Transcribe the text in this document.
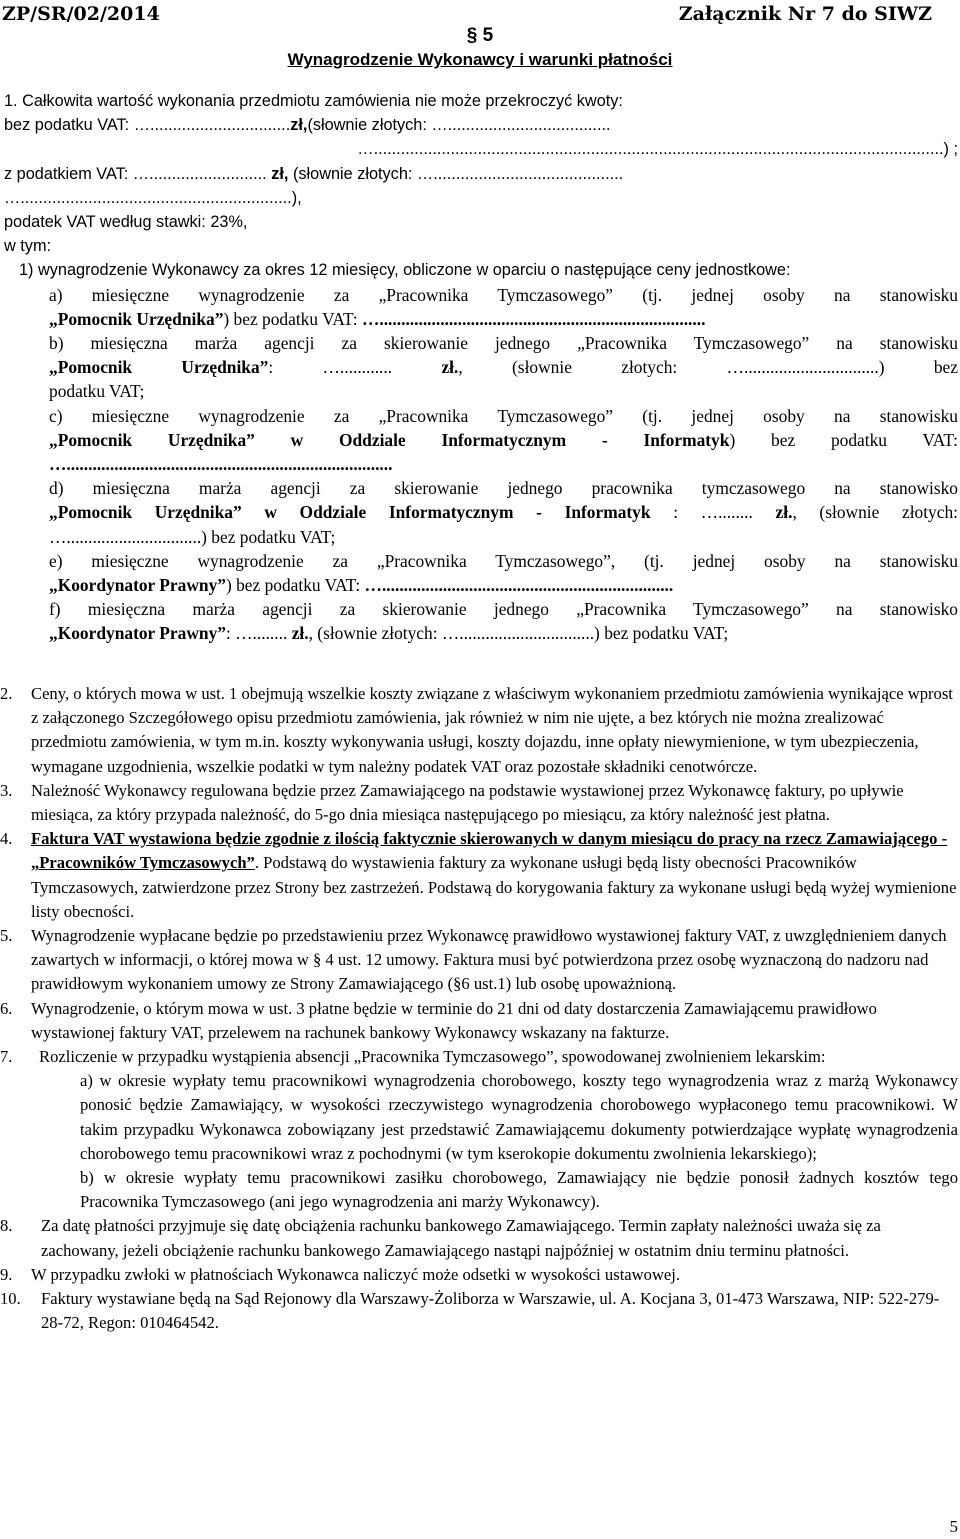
ZP/SR/02/2014	Załącznik Nr 7 do SIWZ
§ 5
Wynagrodzenie Wykonawcy i warunki płatności
1. Całkowita wartość wykonania przedmiotu zamówienia nie może przekroczyć kwoty:
bez podatku VAT: …...............................zł,(słownie złotych: …....................................
…..............................................................................................................................) ;
z podatkiem VAT: ….......................... zł, (słownie złotych: …..........................................
…............................................................),
podatek VAT według stawki: 23%,
w tym:
1) wynagrodzenie Wykonawcy za okres 12 miesięcy, obliczone w oparciu o następujące ceny jednostkowe:
a) miesięczne wynagrodzenie za „Pracownika Tymczasowego” (tj. jednej osoby na stanowisku
„Pomocnik Urzędnika”) bez podatku VAT: …...........................................................................
b) miesięczna marża agencji za skierowanie jednego „Pracownika Tymczasowego” na stanowisku
„Pomocnik Urzędnika”: …............	zł., (słownie złotych: …...............................) bez
podatku VAT;
c) miesięczne wynagrodzenie za „Pracownika Tymczasowego” (tj. jednej osoby na stanowisku
„Pomocnik Urzędnika” w Oddziale Informatycznym - Informatyk) bez podatku VAT:
…...........................................................................
d) miesięczna marża agencji za skierowanie jednego pracownika tymczasowego na stanowisko
„Pomocnik Urzędnika” w Oddziale Informatycznym - Informatyk : …........ zł., (słownie złotych:
…...............................) bez podatku VAT;
e) miesięczne wynagrodzenie za „Pracownika Tymczasowego”, (tj. jednej osoby na stanowisku
„Koordynator Prawny”) bez podatku VAT: …...................................................................
f) miesięczna marża agencji za skierowanie jednego „Pracownika Tymczasowego” na stanowisko
„Koordynator Prawny”: …........ zł., (słownie złotych: …...............................) bez podatku VAT;
2.	Ceny, o których mowa w ust. 1 obejmują wszelkie koszty związane z właściwym wykonaniem przedmiotu zamówienia wynikające wprost z załączonego Szczegółowego opisu przedmiotu zamówienia, jak również w nim nie ujęte, a bez których nie można zrealizować przedmiotu zamówienia, w tym m.in. koszty wykonywania usługi, koszty dojazdu, inne opłaty niewymienione, w tym ubezpieczenia, wymagane uzgodnienia, wszelkie podatki w tym należny podatek VAT oraz pozostałe składniki cenotwórcze.
3.	Należność Wykonawcy regulowana będzie przez Zamawiającego na podstawie wystawionej przez Wykonawcę faktury, po upływie miesiąca, za który przypada należność, do 5-go dnia miesiąca następującego po miesiącu, za który należność jest płatna.
4.	Faktura VAT wystawiona będzie zgodnie z ilością faktycznie skierowanych w danym miesiącu do pracy na rzecz Zamawiającego - „Pracowników Tymczasowych”. Podstawą do wystawienia faktury za wykonane usługi będą listy obecności Pracowników Tymczasowych, zatwierdzone przez Strony bez zastrzeżeń. Podstawą do korygowania faktury za wykonane usługi będą wyżej wymienione listy obecności.
5.	Wynagrodzenie wypłacane będzie po przedstawieniu przez Wykonawcę prawidłowo wystawionej faktury VAT, z uwzględnieniem danych zawartych w informacji, o której mowa w § 4 ust. 12 umowy. Faktura musi być potwierdzona przez osobę wyznaczoną do nadzoru nad prawidłowym wykonaniem umowy ze Strony Zamawiającego (§6 ust.1) lub osobę upoważnioną.
6.	Wynagrodzenie, o którym mowa w ust. 3 płatne będzie w terminie do 21 dni od daty dostarczenia Zamawiającemu prawidłowo wystawionej faktury VAT, przelewem na rachunek bankowy Wykonawcy wskazany na fakturze.
7.	Rozliczenie w przypadku wystąpienia absencji „Pracownika Tymczasowego”, spowodowanej zwolnieniem lekarskim:
a) w okresie wypłaty temu pracownikowi wynagrodzenia chorobowego, koszty tego wynagrodzenia wraz z marżą Wykonawcy ponosić będzie Zamawiający, w wysokości rzeczywistego wynagrodzenia chorobowego wypłaconego temu pracownikowi. W takim przypadku Wykonawca zobowiązany jest przedstawić Zamawiającemu dokumenty potwierdzające wypłatę wynagrodzenia chorobowego temu pracownikowi wraz z pochodnymi (w tym kserokopie dokumentu zwolnienia lekarskiego);
b) w okresie wypłaty temu pracownikowi zasiłku chorobowego, Zamawiający nie będzie ponosił żadnych kosztów tego Pracownika Tymczasowego (ani jego wynagrodzenia ani marży Wykonawcy).
8.	Za datę płatności przyjmuje się datę obciążenia rachunku bankowego Zamawiającego. Termin zapłaty należności uważa się za zachowany, jeżeli obciążenie rachunku bankowego Zamawiającego nastąpi najpóźniej w ostatnim dniu terminu płatności.
9.	W przypadku zwłoki w płatnościach Wykonawca naliczyć może odsetki w wysokości ustawowej.
10.	Faktury wystawiane będą na Sąd Rejonowy dla Warszawy-Żoliborza w Warszawie, ul. A. Kocjana 3, 01-473 Warszawa, NIP: 522-279-28-72, Regon: 010464542.
5
